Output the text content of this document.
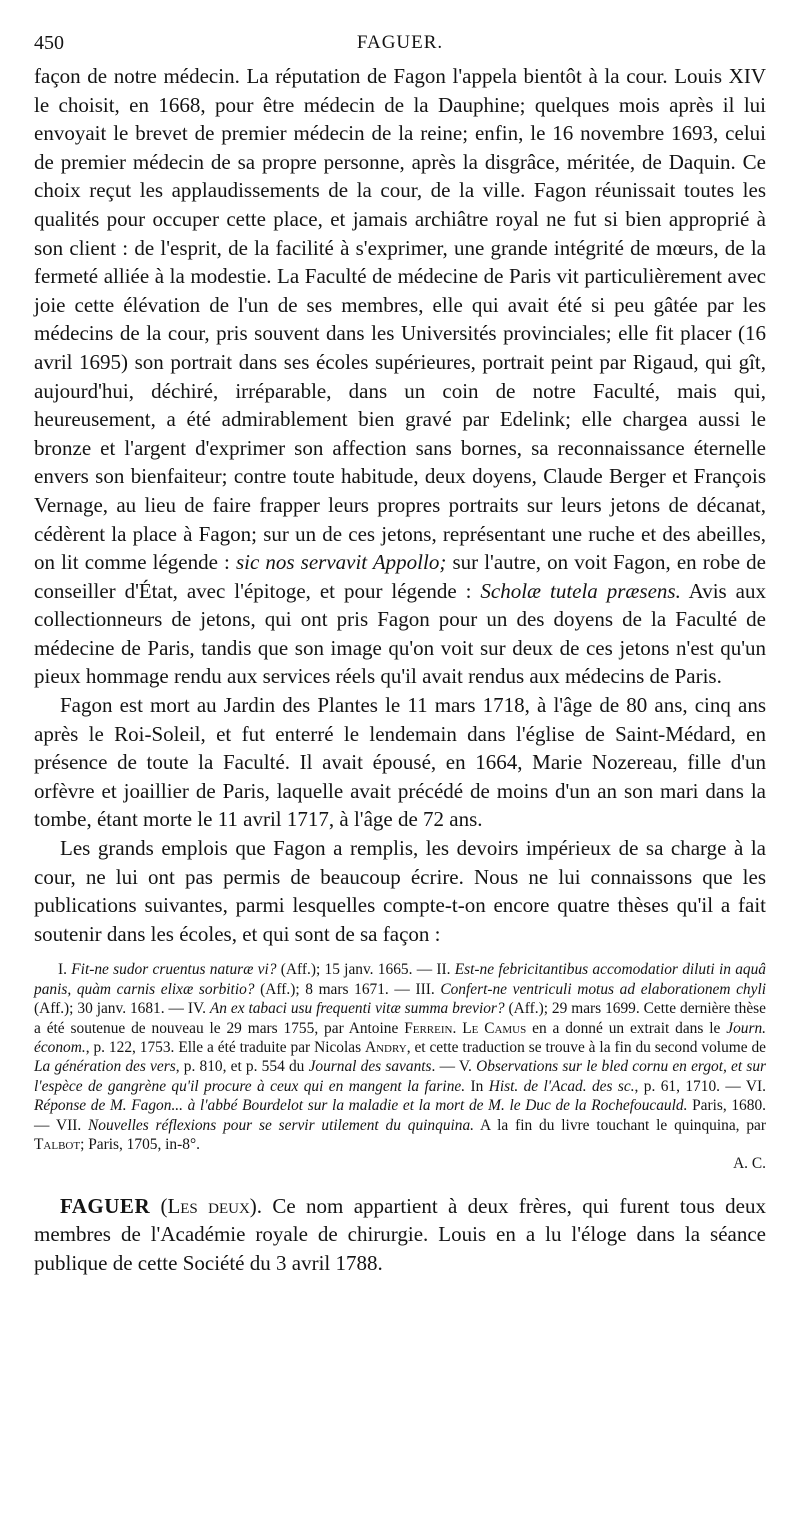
450	FAGUER.

façon de notre médecin. La réputation de Fagon l'appela bientôt à la cour. Louis XIV le choisit, en 1668, pour être médecin de la Dauphine; quelques mois après il lui envoyait le brevet de premier médecin de la reine; enfin, le 16 novembre 1693, celui de premier médecin de sa propre personne, après la disgrâce, méritée, de Daquin. Ce choix reçut les applaudissements de la cour, de la ville. Fagon réunissait toutes les qualités pour occuper cette place, et jamais archiâtre royal ne fut si bien approprié à son client : de l'esprit, de la facilité à s'exprimer, une grande intégrité de mœurs, de la fermeté alliée à la modestie. La Faculté de médecine de Paris vit particulièrement avec joie cette élévation de l'un de ses membres, elle qui avait été si peu gâtée par les médecins de la cour, pris souvent dans les Universités provinciales; elle fit placer (16 avril 1695) son portrait dans ses écoles supérieures, portrait peint par Rigaud, qui gît, aujourd'hui, déchiré, irréparable, dans un coin de notre Faculté, mais qui, heureusement, a été admirablement bien gravé par Edelink; elle chargea aussi le bronze et l'argent d'exprimer son affection sans bornes, sa reconnaissance éternelle envers son bienfaiteur; contre toute habitude, deux doyens, Claude Berger et François Vernage, au lieu de faire frapper leurs propres portraits sur leurs jetons de décanat, cédèrent la place à Fagon; sur un de ces jetons, représentant une ruche et des abeilles, on lit comme légende : sic nos servavit Appollo; sur l'autre, on voit Fagon, en robe de conseiller d'État, avec l'épitoge, et pour légende : Scholæ tutela præsens. Avis aux collectionneurs de jetons, qui ont pris Fagon pour un des doyens de la Faculté de médecine de Paris, tandis que son image qu'on voit sur deux de ces jetons n'est qu'un pieux hommage rendu aux services réels qu'il avait rendus aux médecins de Paris.

Fagon est mort au Jardin des Plantes le 11 mars 1718, à l'âge de 80 ans, cinq ans après le Roi-Soleil, et fut enterré le lendemain dans l'église de Saint-Médard, en présence de toute la Faculté. Il avait épousé, en 1664, Marie Nozereau, fille d'un orfèvre et joaillier de Paris, laquelle avait précédé de moins d'un an son mari dans la tombe, étant morte le 11 avril 1717, à l'âge de 72 ans.

Les grands emplois que Fagon a remplis, les devoirs impérieux de sa charge à la cour, ne lui ont pas permis de beaucoup écrire. Nous ne lui connaissons que les publications suivantes, parmi lesquelles compte-t-on encore quatre thèses qu'il a fait soutenir dans les écoles, et qui sont de sa façon :

I. Fit-ne sudor cruentus naturæ vi? (Aff.); 15 janv. 1665. — II. Est-ne febricitantibus accomodatior diluti in aquâ panis, quàm carnis elixæ sorbitio? (Aff.); 8 mars 1671. — III. Confert-ne ventriculi motus ad elaborationem chyli (Aff.); 30 janv. 1681. — IV. An ex tabaci usu frequenti vitæ summa brevior? (Aff.); 29 mars 1699. Cette dernière thèse a été soutenue de nouveau le 29 mars 1755, par Antoine Ferrein. Le Camus en a donné un extrait dans le Journ. économ., p. 122, 1753. Elle a été traduite par Nicolas Andry, et cette traduction se trouve à la fin du second volume de La génération des vers, p. 810, et p. 554 du Journal des savants. — V. Observations sur le bled cornu en ergot, et sur l'espèce de gangrène qu'il procure à ceux qui en mangent la farine. In Hist. de l'Acad. des sc., p. 61, 1710. — VI. Réponse de M. Fagon... à l'abbé Bourdelot sur la maladie et la mort de M. le Duc de la Rochefoucauld. Paris, 1680. — VII. Nouvelles réflexions pour se servir utilement du quinquina. A la fin du livre touchant le quinquina, par Talbot; Paris, 1705, in-8°.
A. C.
FAGUER (Les deux). Ce nom appartient à deux frères, qui furent tous deux membres de l'Académie royale de chirurgie. Louis en a lu l'éloge dans la séance publique de cette Société du 3 avril 1788.
